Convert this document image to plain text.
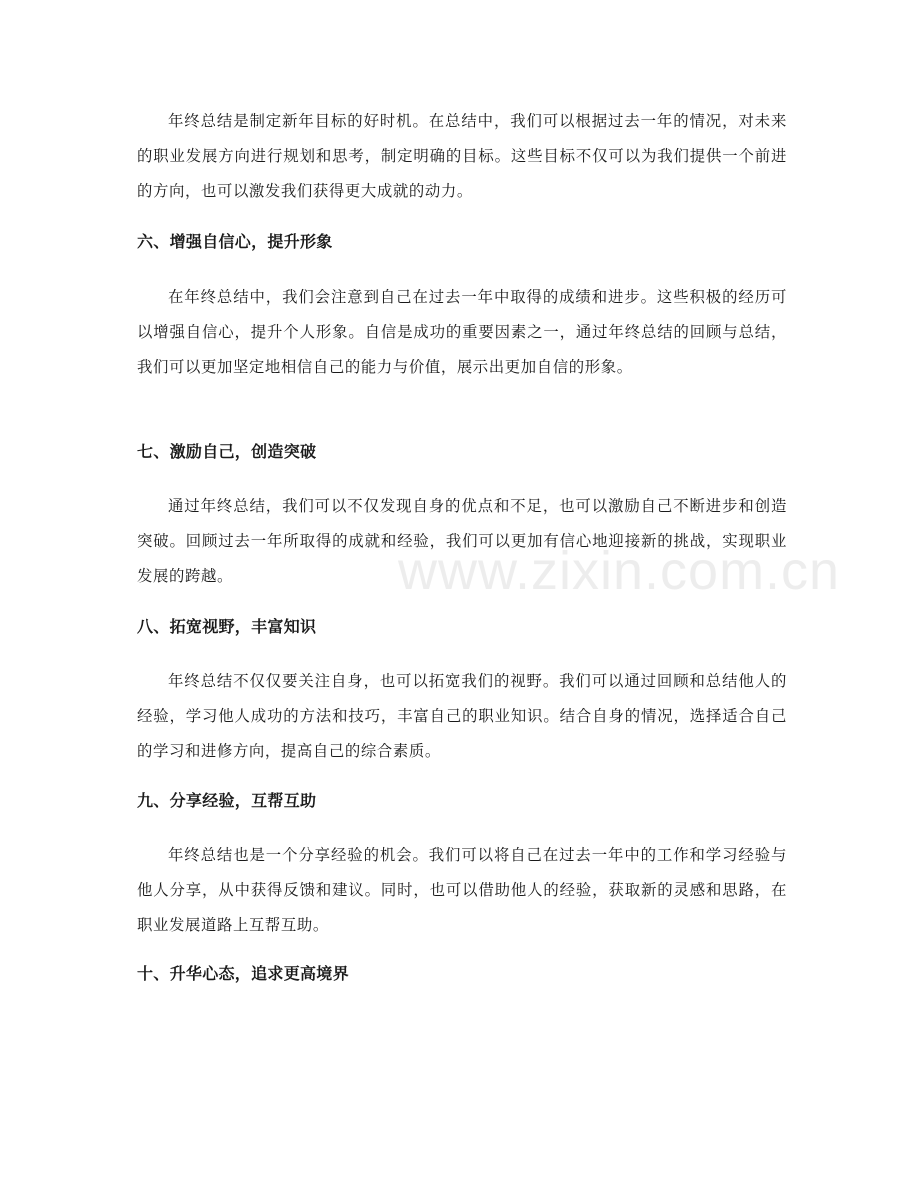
年终总结是制定新年目标的好时机。在总结中，我们可以根据过去一年的情况，对未来的职业发展方向进行规划和思考，制定明确的目标。这些目标不仅可以为我们提供一个前进的方向，也可以激发我们获得更大成就的动力。

六、增强自信心，提升形象

在年终总结中，我们会注意到自己在过去一年中取得的成绩和进步。这些积极的经历可以增强自信心，提升个人形象。自信是成功的重要因素之一，通过年终总结的回顾与总结，我们可以更加坚定地相信自己的能力与价值，展示出更加自信的形象。

七、激励自己，创造突破

通过年终总结，我们可以不仅发现自身的优点和不足，也可以激励自己不断进步和创造突破。回顾过去一年所取得的成就和经验，我们可以更加有信心地迎接新的挑战，实现职业发展的跨越。

八、拓宽视野，丰富知识

年终总结不仅仅要关注自身，也可以拓宽我们的视野。我们可以通过回顾和总结他人的经验，学习他人成功的方法和技巧，丰富自己的职业知识。结合自身的情况，选择适合自己的学习和进修方向，提高自己的综合素质。

九、分享经验，互帮互助

年终总结也是一个分享经验的机会。我们可以将自己在过去一年中的工作和学习经验与他人分享，从中获得反馈和建议。同时，也可以借助他人的经验，获取新的灵感和思路，在职业发展道路上互帮互助。

十、升华心态，追求更高境界
www.zixin.com.cn
